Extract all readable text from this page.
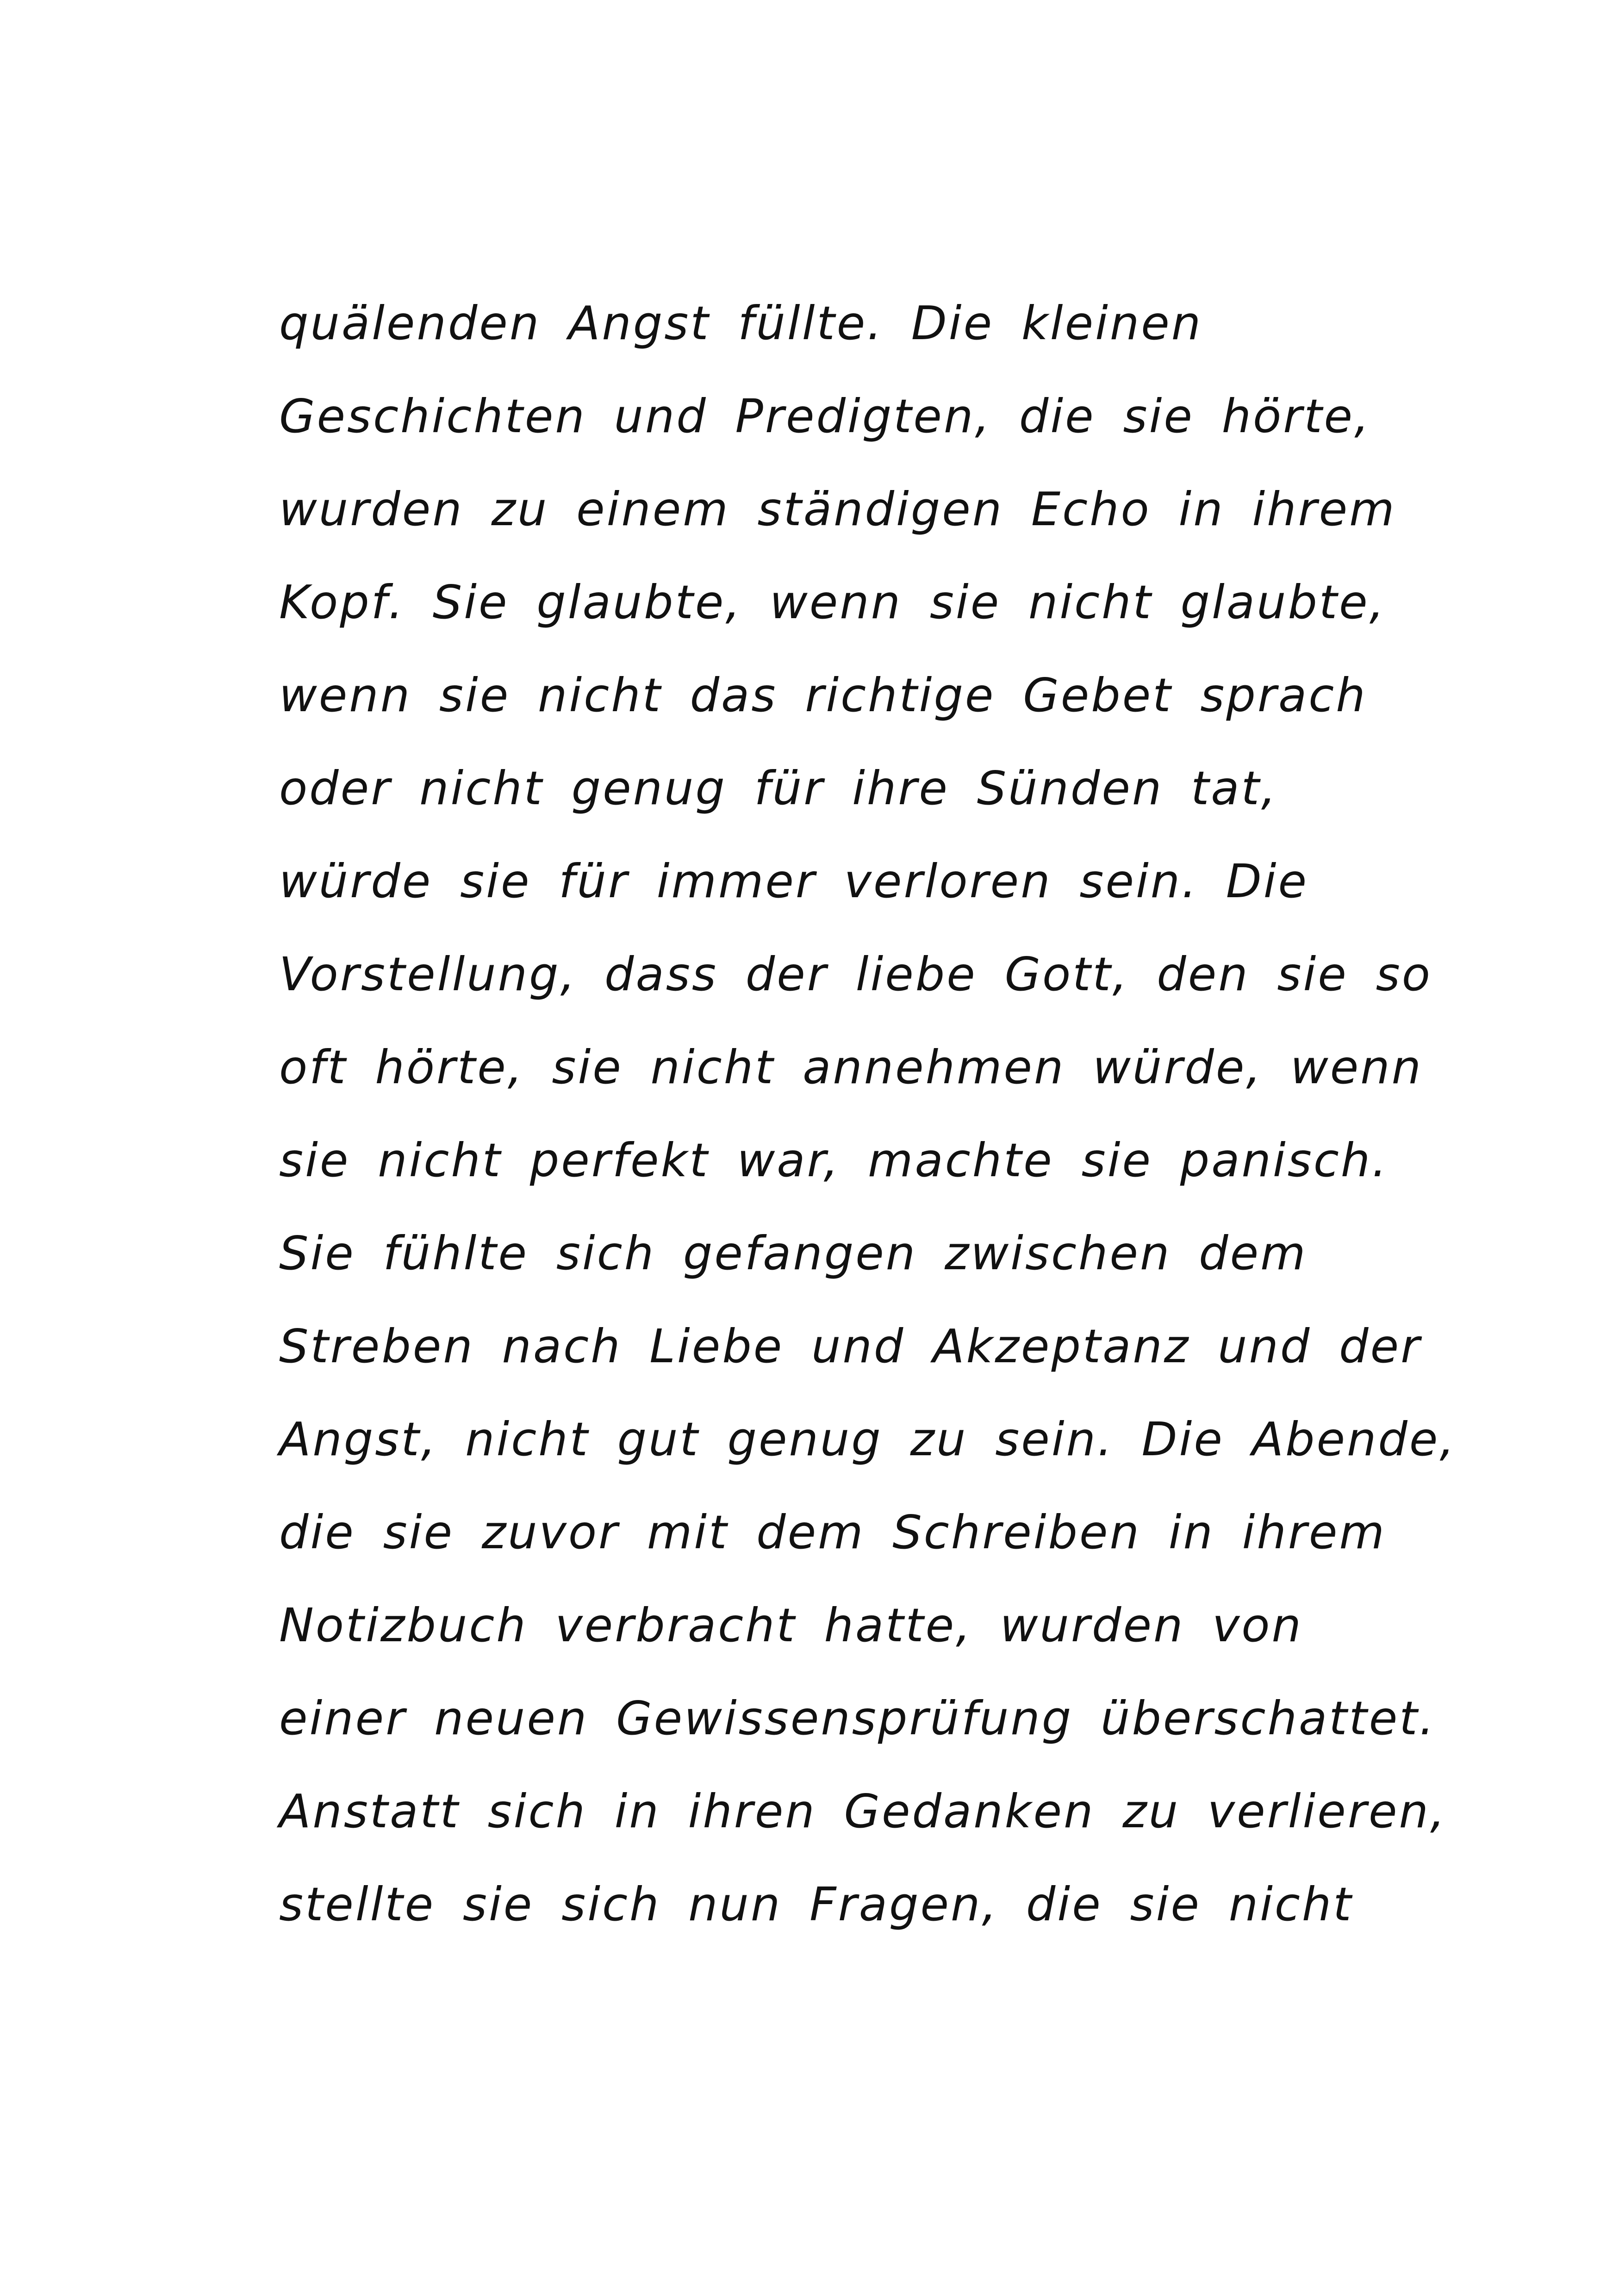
quälenden Angst füllte. Die kleinen
Geschichten und Predigten, die sie hörte,
wurden zu einem ständigen Echo in ihrem
Kopf. Sie glaubte, wenn sie nicht glaubte,
wenn sie nicht das richtige Gebet sprach
oder nicht genug für ihre Sünden tat,
würde sie für immer verloren sein. Die
Vorstellung, dass der liebe Gott, den sie so
oft hörte, sie nicht annehmen würde, wenn
sie nicht perfekt war, machte sie panisch.
Sie fühlte sich gefangen zwischen dem
Streben nach Liebe und Akzeptanz und der
Angst, nicht gut genug zu sein. Die Abende,
die sie zuvor mit dem Schreiben in ihrem
Notizbuch verbracht hatte, wurden von
einer neuen Gewissensprüfung überschattet.
Anstatt sich in ihren Gedanken zu verlieren,
stellte sie sich nun Fragen, die sie nicht
